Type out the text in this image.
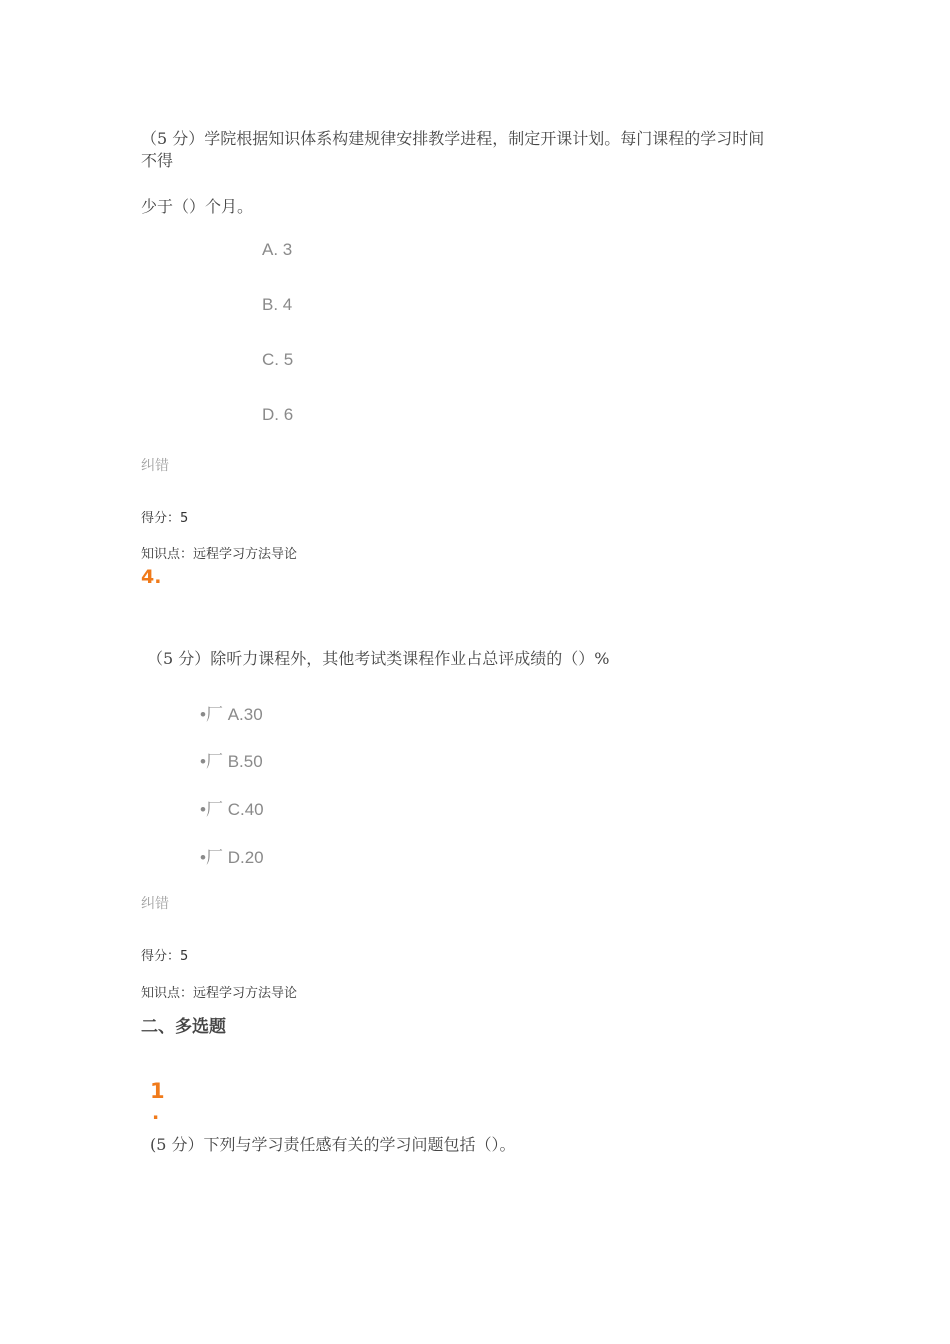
（5 分）学院根据知识体系构建规律安排教学进程，制定开课计划。每门课程的学习时间
不得
少于（）个月。
A. 3
B. 4
C. 5
D. 6
纠错
得分：5
知识点：远程学习方法导论
4.
（5 分）除听力课程外，其他考试类课程作业占总评成绩的（）%
•厂 A.30
•厂 B.50
•厂 C.40
•厂 D.20
纠错
得分：5
知识点：远程学习方法导论
二、多选题
1
.
(5 分）下列与学习责任感有关的学习问题包括（）。
